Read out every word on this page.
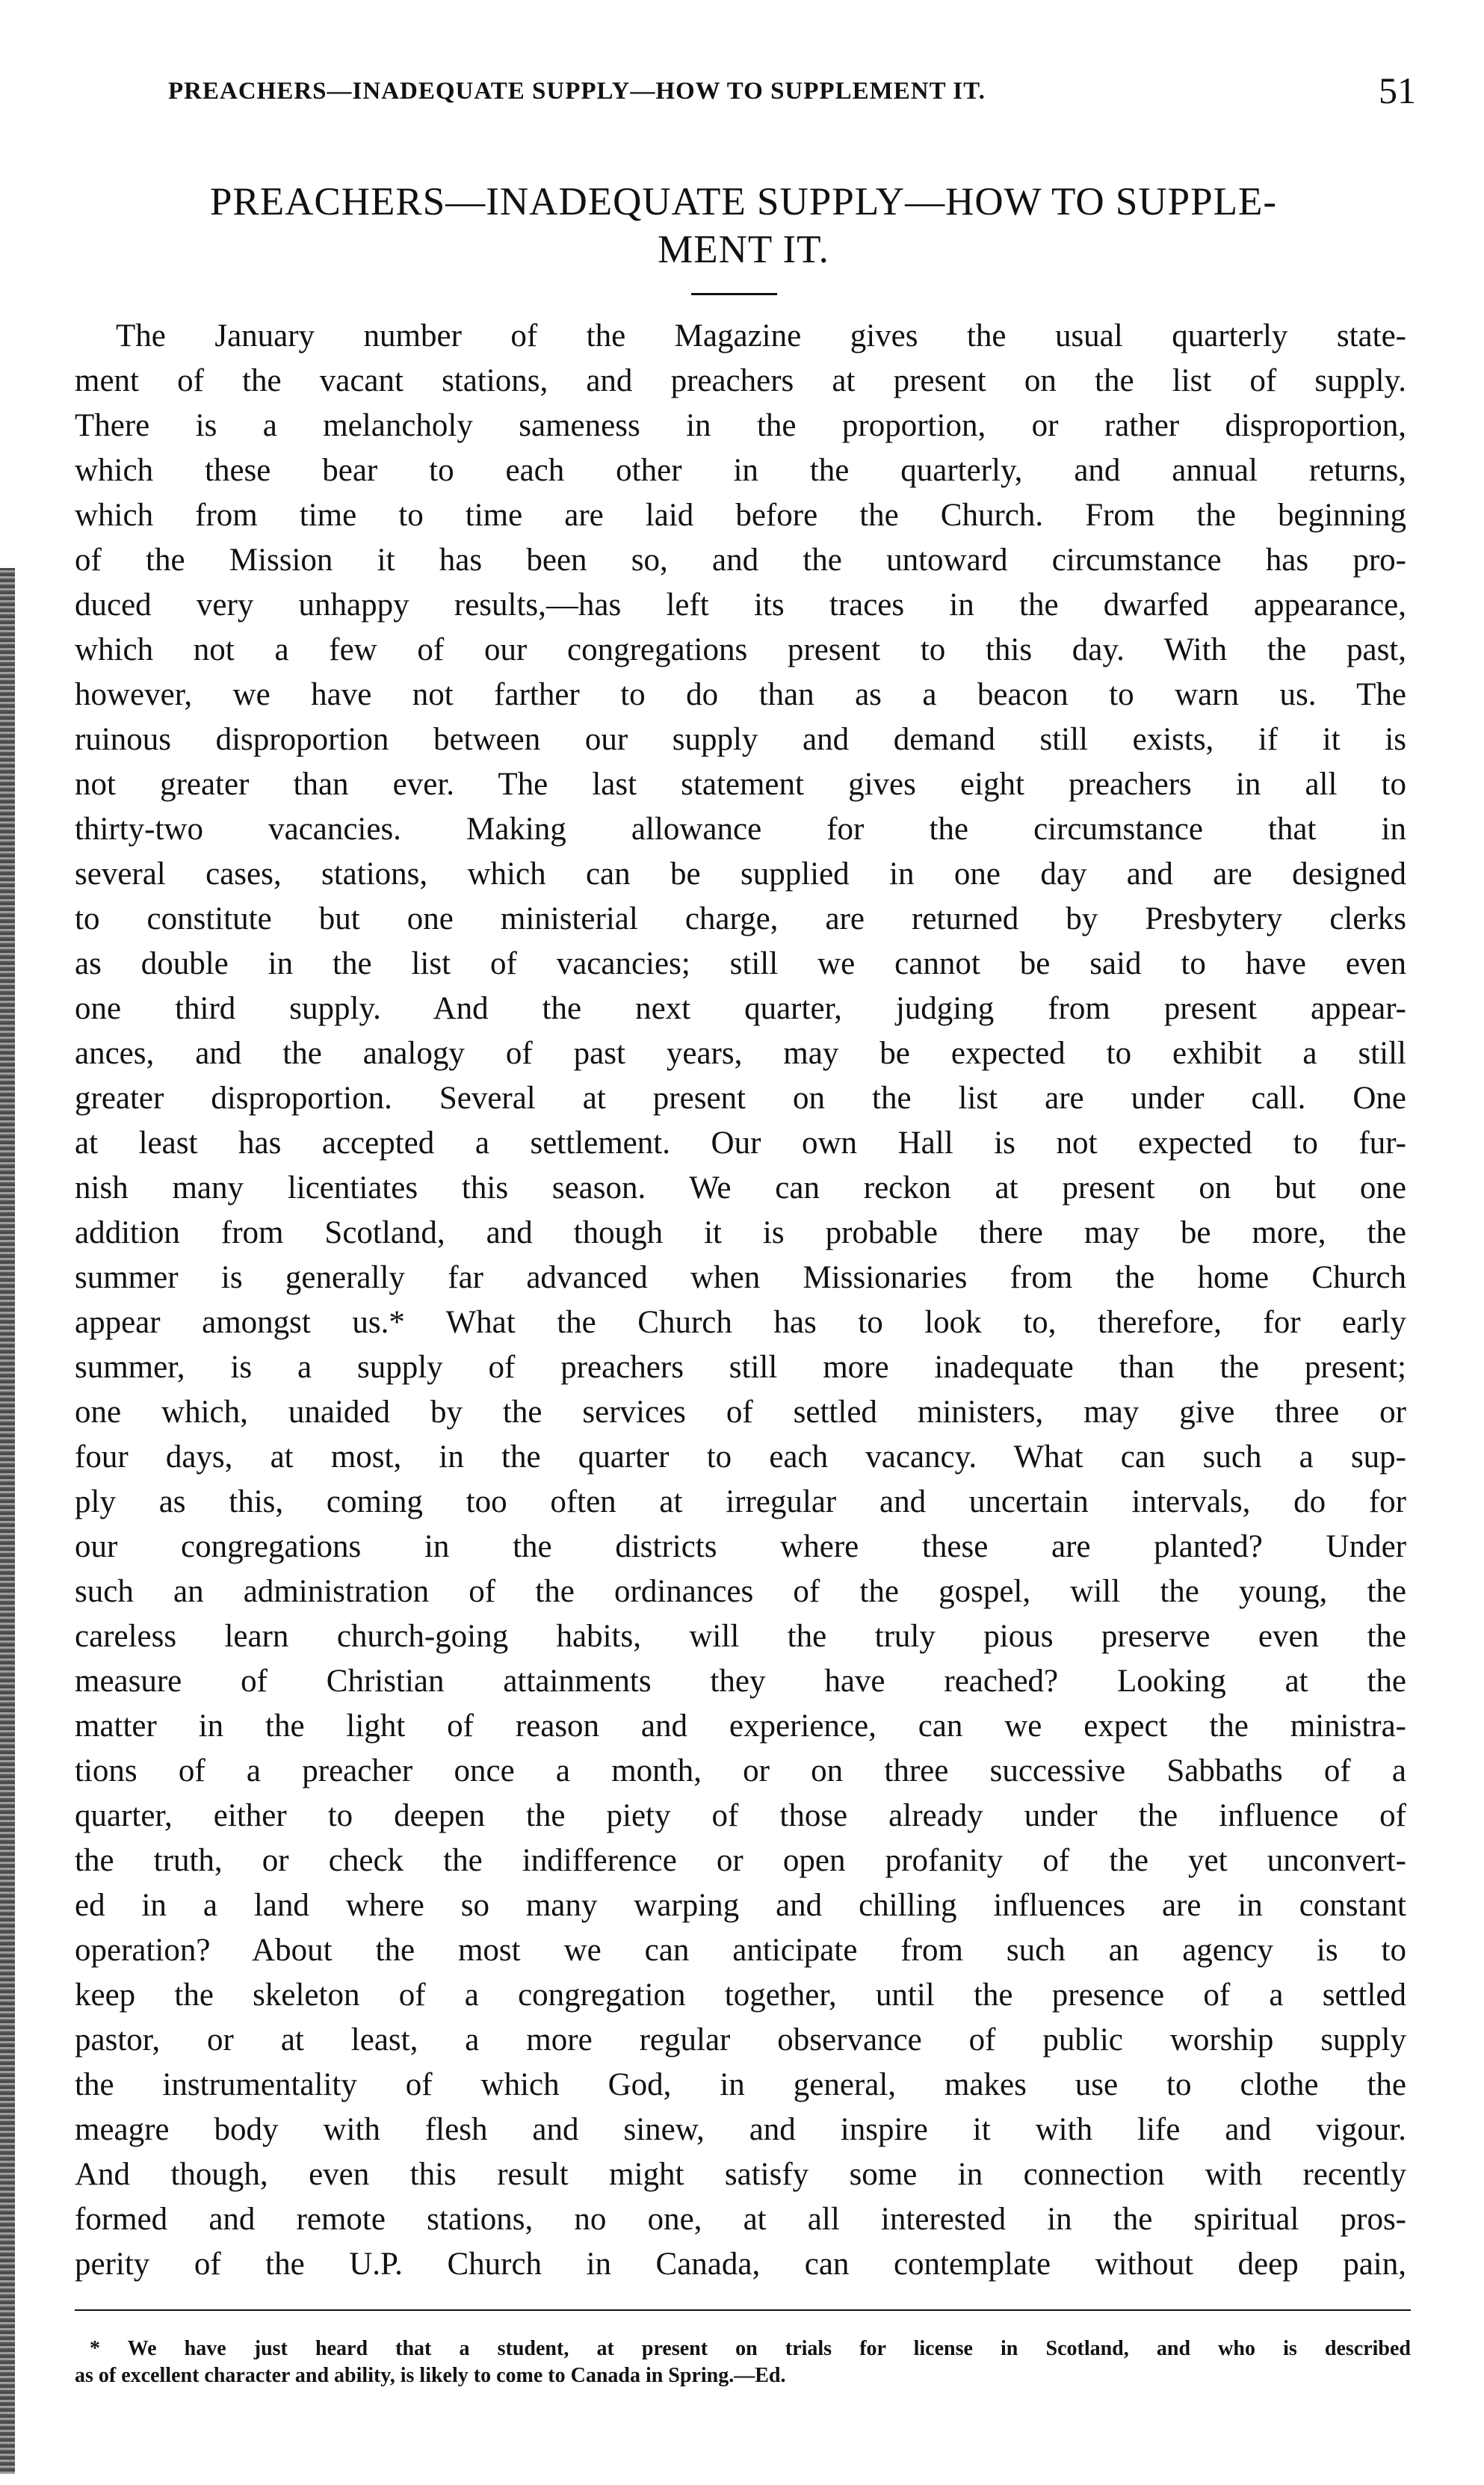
PREACHERS—INADEQUATE SUPPLY—HOW TO SUPPLEMENT IT.	51
PREACHERS—INADEQUATE SUPPLY—HOW TO SUPPLE-
MENT IT.
The January number of the Magazine gives the usual quarterly state-
ment of the vacant stations, and preachers at present on the list of supply.
There is a melancholy sameness in the proportion, or rather disproportion,
which these bear to each other in the quarterly, and annual returns,
which from time to time are laid before the Church. From the beginning
of the Mission it has been so, and the untoward circumstance has pro-
duced very unhappy results,—has left its traces in the dwarfed appearance,
which not a few of our congregations present to this day. With the past,
however, we have not farther to do than as a beacon to warn us. The
ruinous disproportion between our supply and demand still exists, if it is
not greater than ever. The last statement gives eight preachers in all to
thirty-two vacancies. Making allowance for the circumstance that in
several cases, stations, which can be supplied in one day and are designed
to constitute but one ministerial charge, are returned by Presbytery clerks
as double in the list of vacancies; still we cannot be said to have even
one third supply. And the next quarter, judging from present appear-
ances, and the analogy of past years, may be expected to exhibit a still
greater disproportion. Several at present on the list are under call. One
at least has accepted a settlement. Our own Hall is not expected to fur-
nish many licentiates this season. We can reckon at present on but one
addition from Scotland, and though it is probable there may be more, the
summer is generally far advanced when Missionaries from the home Church
appear amongst us.* What the Church has to look to, therefore, for early
summer, is a supply of preachers still more inadequate than the present;
one which, unaided by the services of settled ministers, may give three or
four days, at most, in the quarter to each vacancy. What can such a sup-
ply as this, coming too often at irregular and uncertain intervals, do for
our congregations in the districts where these are planted? Under
such an administration of the ordinances of the gospel, will the young, the
careless learn church-going habits, will the truly pious preserve even the
measure of Christian attainments they have reached? Looking at the
matter in the light of reason and experience, can we expect the ministra-
tions of a preacher once a month, or on three successive Sabbaths of a
quarter, either to deepen the piety of those already under the influence of
the truth, or check the indifference or open profanity of the yet unconvert-
ed in a land where so many warping and chilling influences are in constant
operation? About the most we can anticipate from such an agency is to
keep the skeleton of a congregation together, until the presence of a settled
pastor, or at least, a more regular observance of public worship supply
the instrumentality of which God, in general, makes use to clothe the
meagre body with flesh and sinew, and inspire it with life and vigour.
And though, even this result might satisfy some in connection with recently
formed and remote stations, no one, at all interested in the spiritual pros-
perity of the U.P. Church in Canada, can contemplate without deep pain,
* We have just heard that a student, at present on trials for license in Scotland, and who is described
as of excellent character and ability, is likely to come to Canada in Spring.—Ed.
